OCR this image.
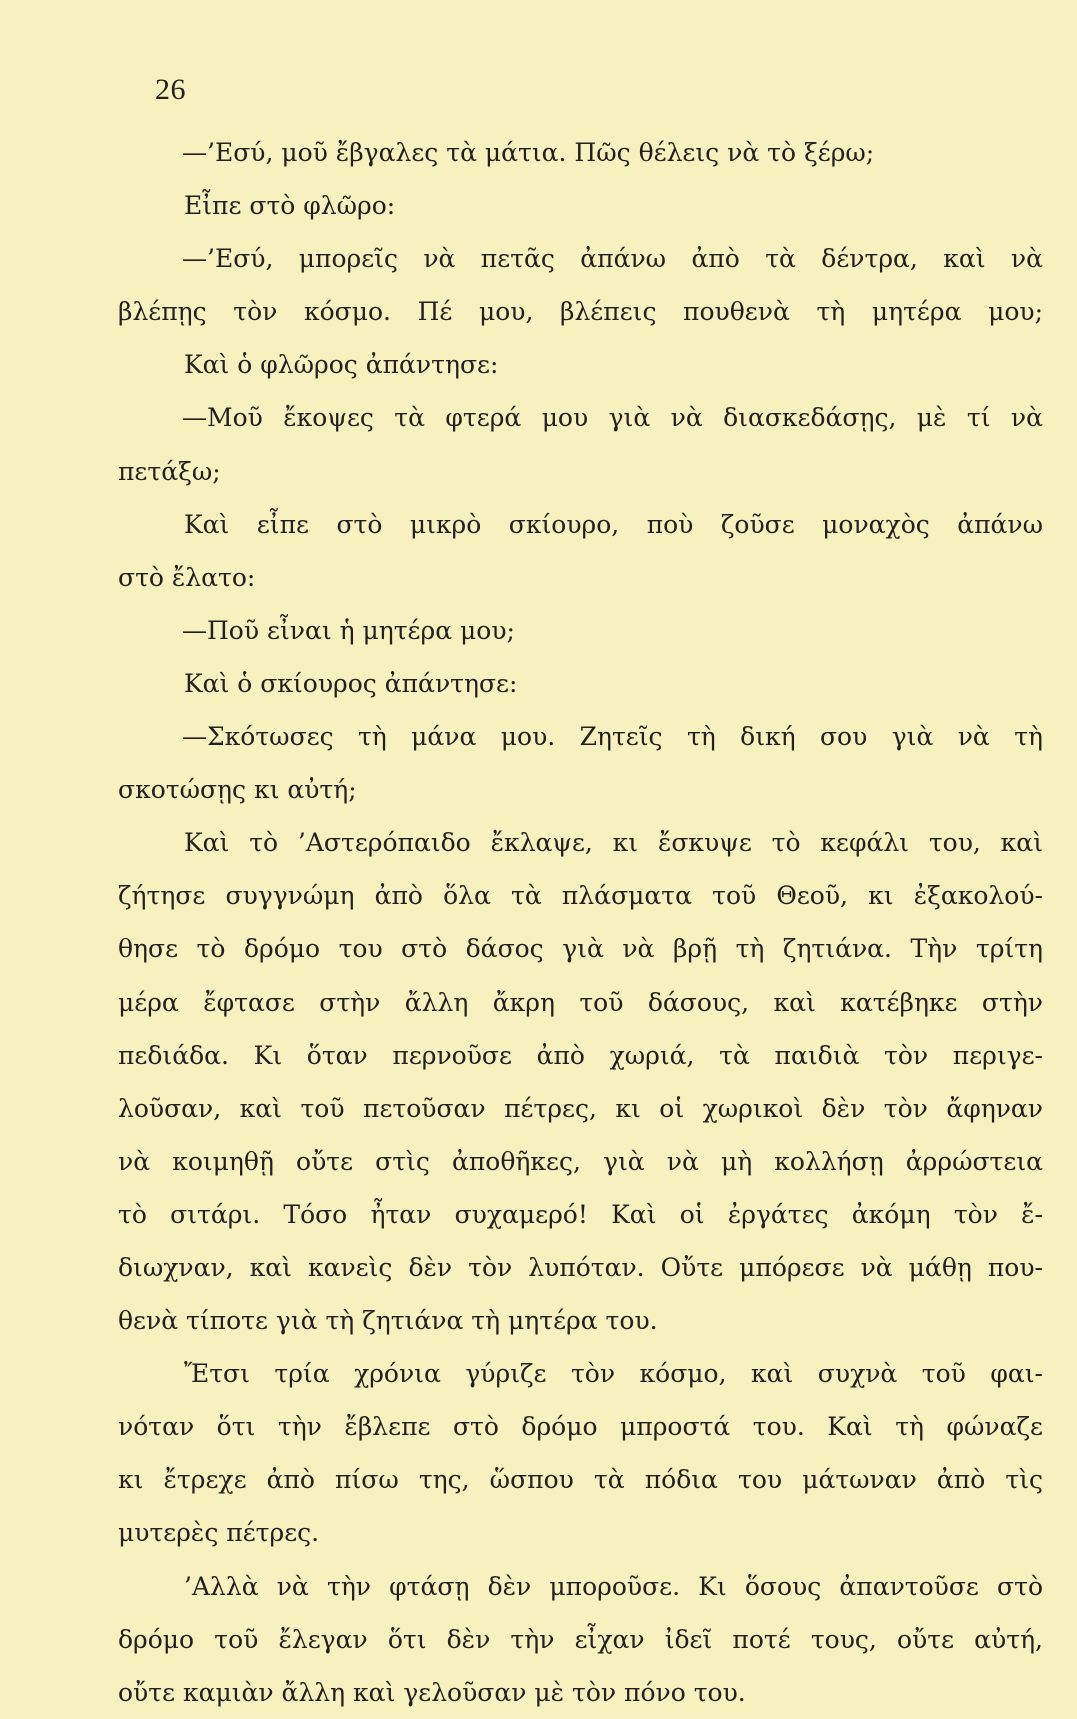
26
—’Εσύ, μοῦ ἔβγαλες τὰ μάτια. Πῶς θέλεις νὰ τὸ ξέρω;
Εἶπε στὸ φλῶρο:
—’Εσύ, μπορεῖς νὰ πετᾶς ἀπάνω ἀπὸ τὰ δέντρα, καὶ νὰ
βλέπῃς τὸν κόσμο. Πέ μου, βλέπεις πουθενὰ τὴ μητέρα μου;
Καὶ ὁ φλῶρος ἀπάντησε:
—Μοῦ ἔκοψες τὰ φτερά μου γιὰ νὰ διασκεδάσῃς, μὲ τί νὰ
πετάξω;
Καὶ εἶπε στὸ μικρὸ σκίουρο, ποὺ ζοῦσε μοναχὸς ἀπάνω
στὸ ἔλατο:
—Ποῦ εἶναι ἡ μητέρα μου;
Καὶ ὁ σκίουρος ἀπάντησε:
—Σκότωσες τὴ μάνα μου. Ζητεῖς τὴ δική σου γιὰ νὰ τὴ
σκοτώσῃς κι αὐτή;
Καὶ τὸ ’Αστερόπαιδο ἔκλαψε, κι ἔσκυψε τὸ κεφάλι του, καὶ
ζήτησε συγγνώμη ἀπὸ ὅλα τὰ πλάσματα τοῦ Θεοῦ, κι ἐξακολού-
θησε τὸ δρόμο του στὸ δάσος γιὰ νὰ βρῇ τὴ ζητιάνα. Τὴν τρίτη
μέρα ἔφτασε στὴν ἄλλη ἄκρη τοῦ δάσους, καὶ κατέβηκε στὴν
πεδιάδα. Κι ὅταν περνοῦσε ἀπὸ χωριά, τὰ παιδιὰ τὸν περιγε-
λοῦσαν, καὶ τοῦ πετοῦσαν πέτρες, κι οἱ χωρικοὶ δὲν τὸν ἄφηναν
νὰ κοιμηθῇ οὔτε στὶς ἀποθῆκες, γιὰ νὰ μὴ κολλήσῃ ἀρρώστεια
τὸ σιτάρι. Τόσο ἦταν συχαμερό! Καὶ οἱ ἐργάτες ἀκόμη τὸν ἔ-
διωχναν, καὶ κανεὶς δὲν τὸν λυπόταν. Οὔτε μπόρεσε νὰ μάθῃ που-
θενὰ τίποτε γιὰ τὴ ζητιάνα τὴ μητέρα του.
Ἔτσι τρία χρόνια γύριζε τὸν κόσμο, καὶ συχνὰ τοῦ φαι-
νόταν ὅτι τὴν ἔβλεπε στὸ δρόμο μπροστά του. Καὶ τὴ φώναζε
κι ἔτρεχε ἀπὸ πίσω της, ὥσπου τὰ πόδια του μάτωναν ἀπὸ τὶς
μυτερὲς πέτρες.
’Αλλὰ νὰ τὴν φτάσῃ δὲν μποροῦσε. Κι ὅσους ἀπαντοῦσε στὸ
δρόμο τοῦ ἔλεγαν ὅτι δὲν τὴν εἶχαν ἰδεῖ ποτέ τους, οὔτε αὐτή,
οὔτε καμιὰν ἄλλη καὶ γελοῦσαν μὲ τὸν πόνο του.
